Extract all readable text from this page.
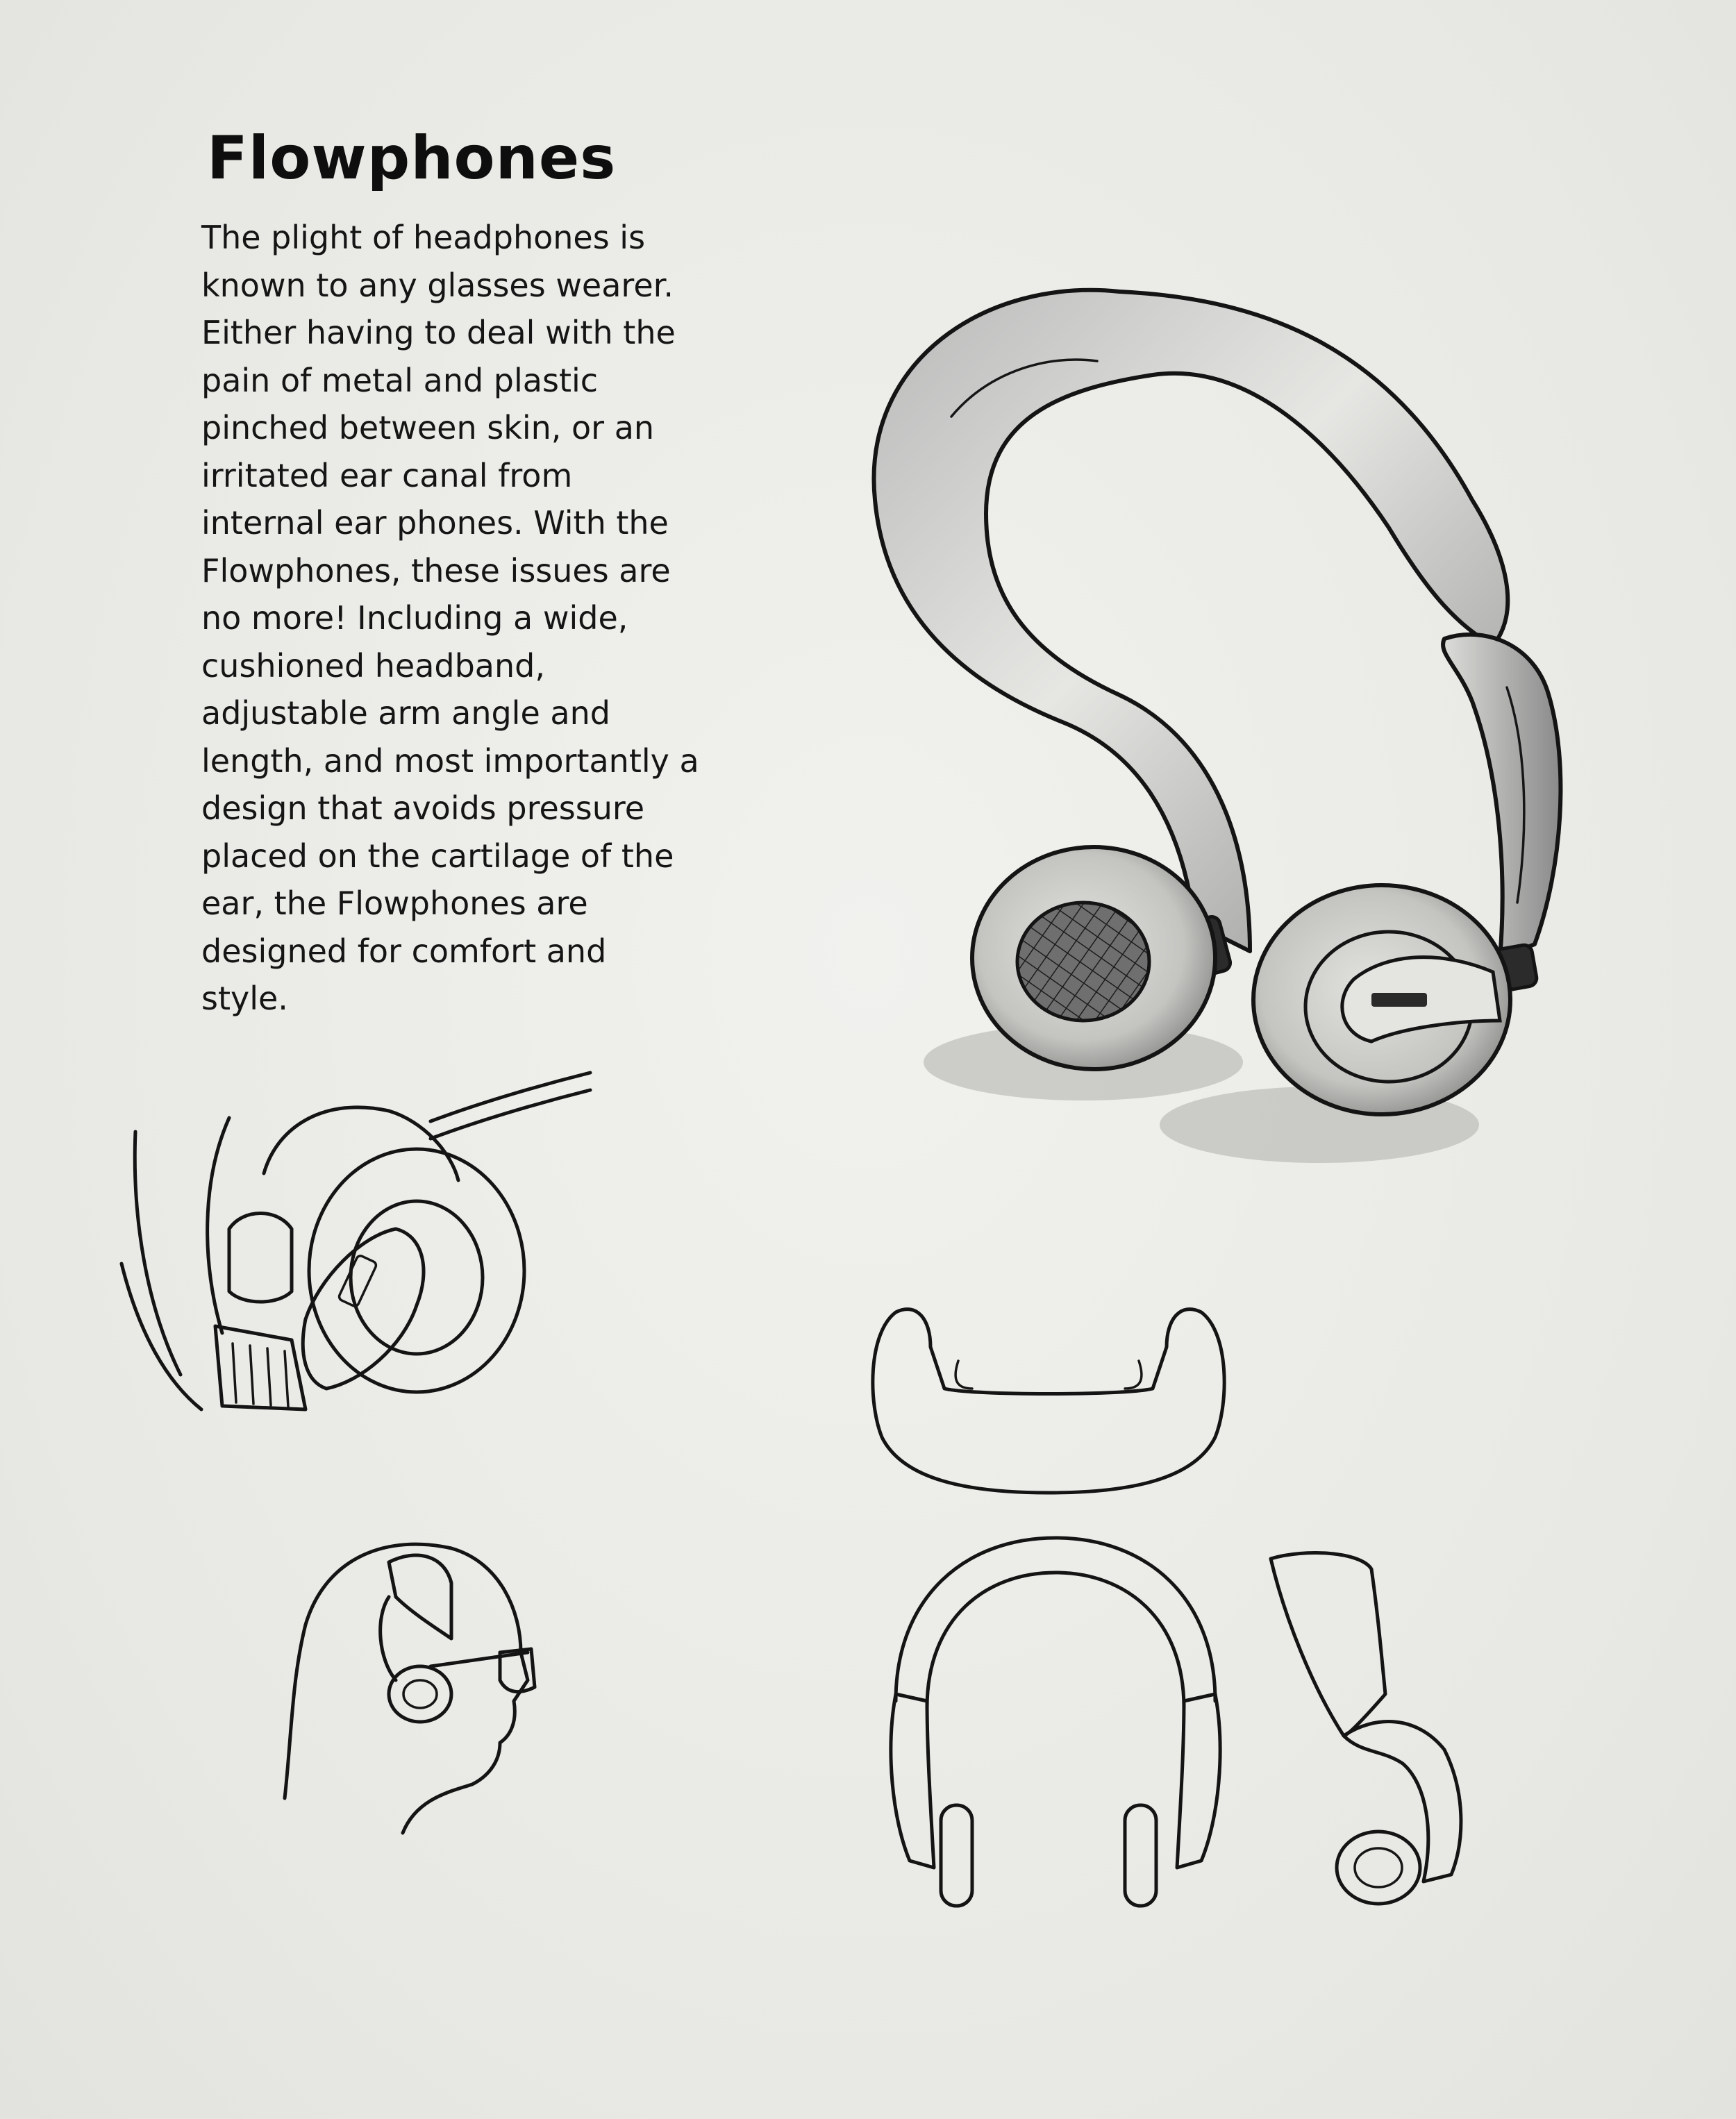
Flowphones

The plight of headphones is
known to any glasses wearer.
Either having to deal with the
pain of metal and plastic
pinched between skin, or an
irritated ear canal from
internal ear phones. With the
Flowphones, these issues are
no more! Including a wide,
cushioned headband,
adjustable arm angle and
length, and most importantly a
design that avoids pressure
placed on the cartilage of the
ear, the Flowphones are
designed for comfort and
style.
